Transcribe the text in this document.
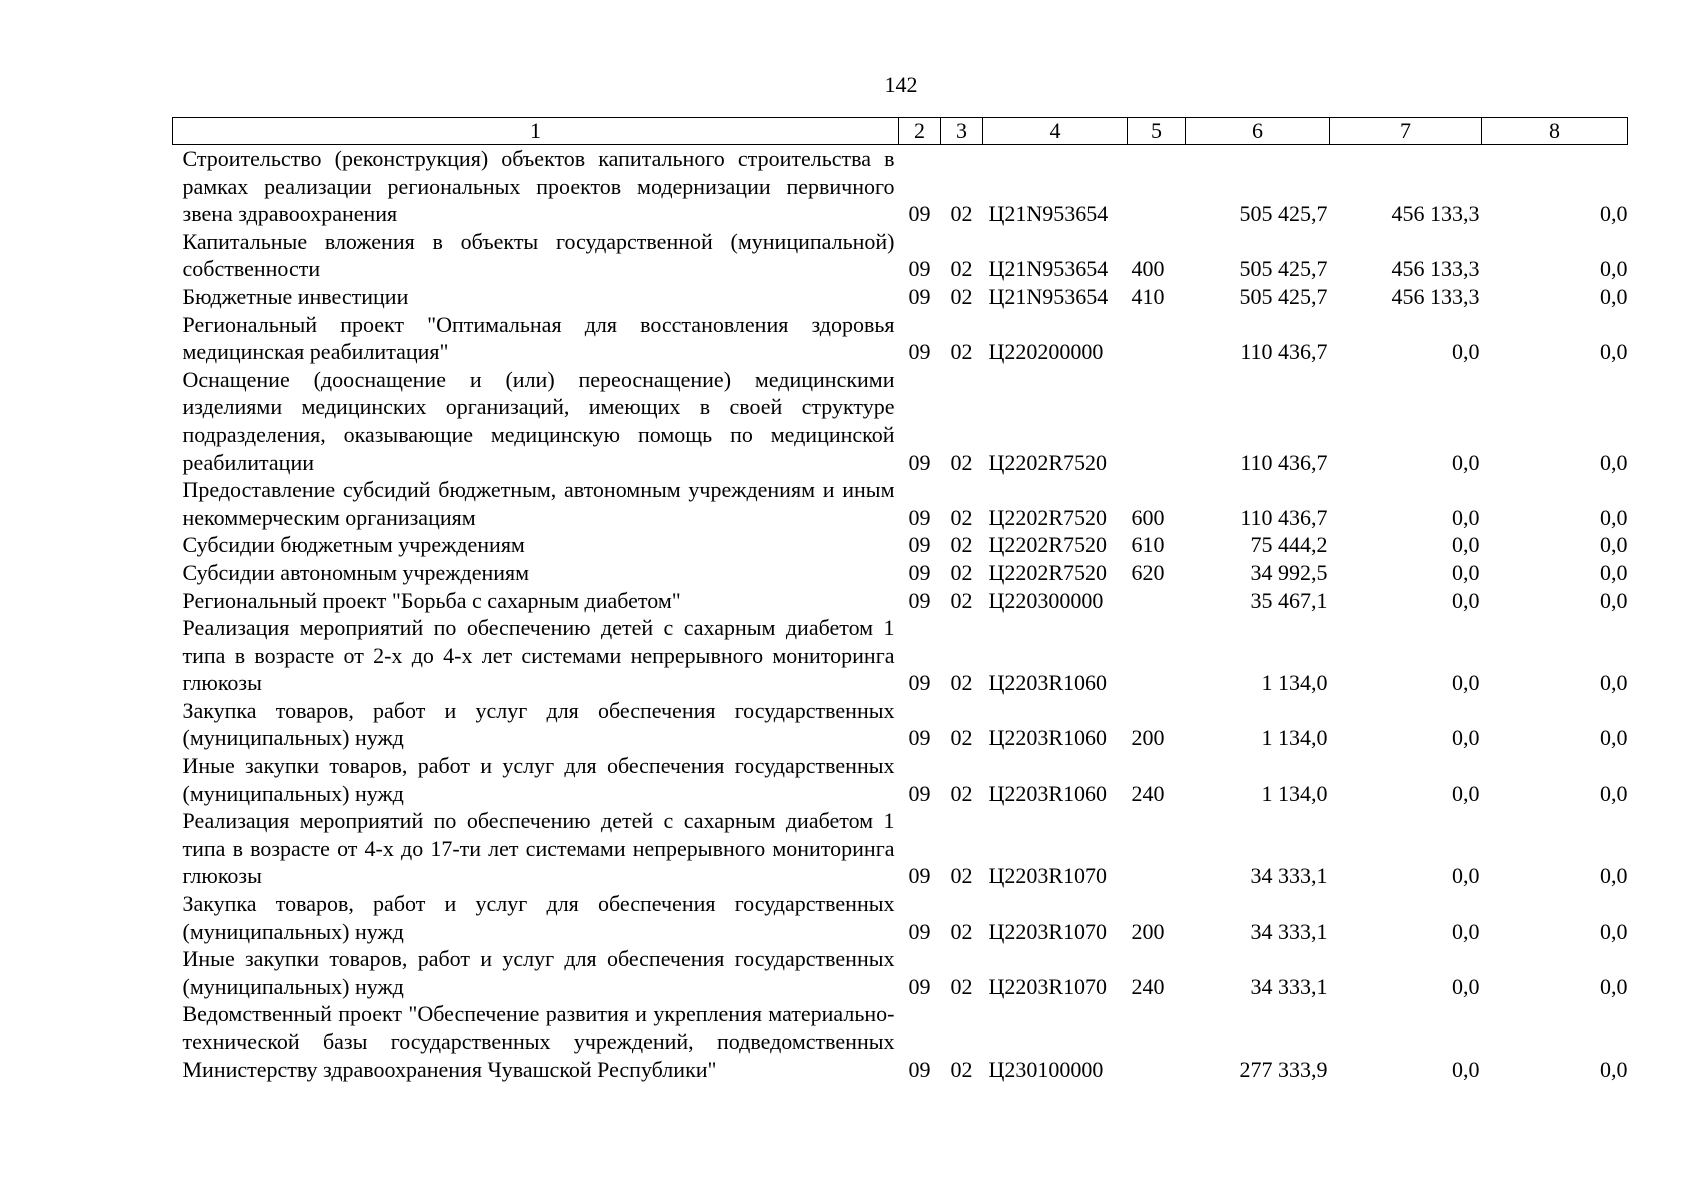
142
1	2	3	4	5	6	7	8
Строительство (реконструкция) объектов капитального строительства в рамках реализации региональных проектов модернизации первичного звена здравоохранения	09	02	Ц21N953654		505 425,7	456 133,3	0,0
Капитальные вложения в объекты государственной (муниципальной) собственности	09	02	Ц21N953654	400	505 425,7	456 133,3	0,0
Бюджетные инвестиции	09	02	Ц21N953654	410	505 425,7	456 133,3	0,0
Региональный проект "Оптимальная для восстановления здоровья медицинская реабилитация"	09	02	Ц220200000		110 436,7	0,0	0,0
Оснащение (дооснащение и (или) переоснащение) медицинскими изделиями медицинских организаций, имеющих в своей структуре подразделения, оказывающие медицинскую помощь по медицинской реабилитации	09	02	Ц2202R7520		110 436,7	0,0	0,0
Предоставление субсидий бюджетным, автономным учреждениям и иным некоммерческим организациям	09	02	Ц2202R7520	600	110 436,7	0,0	0,0
Субсидии бюджетным учреждениям	09	02	Ц2202R7520	610	75 444,2	0,0	0,0
Субсидии автономным учреждениям	09	02	Ц2202R7520	620	34 992,5	0,0	0,0
Региональный проект "Борьба с сахарным диабетом"	09	02	Ц220300000		35 467,1	0,0	0,0
Реализация мероприятий по обеспечению детей с сахарным диабетом 1 типа в возрасте от 2-х до 4-х лет системами непрерывного мониторинга глюкозы	09	02	Ц2203R1060		1 134,0	0,0	0,0
Закупка товаров, работ и услуг для обеспечения государственных (муниципальных) нужд	09	02	Ц2203R1060	200	1 134,0	0,0	0,0
Иные закупки товаров, работ и услуг для обеспечения государственных (муниципальных) нужд	09	02	Ц2203R1060	240	1 134,0	0,0	0,0
Реализация мероприятий по обеспечению детей с сахарным диабетом 1 типа в возрасте от 4-х до 17-ти лет системами непрерывного мониторинга глюкозы	09	02	Ц2203R1070		34 333,1	0,0	0,0
Закупка товаров, работ и услуг для обеспечения государственных (муниципальных) нужд	09	02	Ц2203R1070	200	34 333,1	0,0	0,0
Иные закупки товаров, работ и услуг для обеспечения государственных (муниципальных) нужд	09	02	Ц2203R1070	240	34 333,1	0,0	0,0
Ведомственный проект "Обеспечение развития и укрепления материально-технической базы государственных учреждений, подведомственных Министерству здравоохранения Чувашской Республики"	09	02	Ц230100000		277 333,9	0,0	0,0
